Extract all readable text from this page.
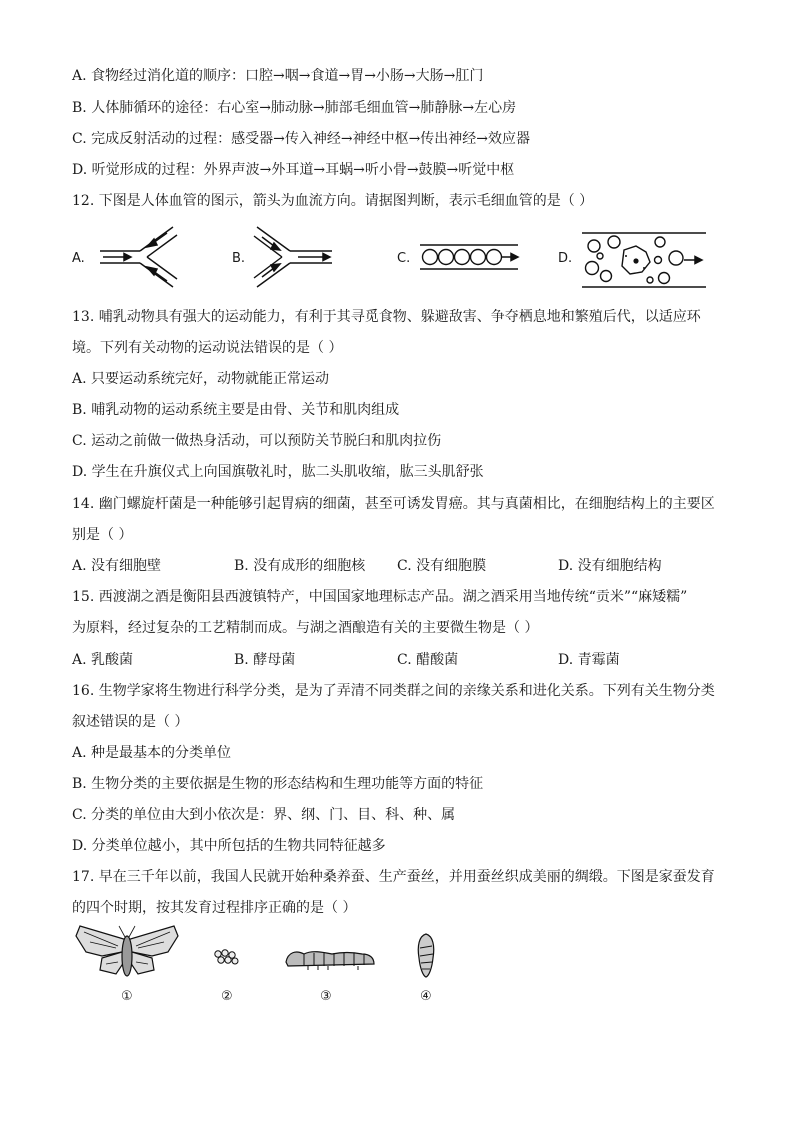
A. 食物经过消化道的顺序：口腔→咽→食道→胃→小肠→大肠→肛门
B. 人体肺循环的途径：右心室→肺动脉→肺部毛细血管→肺静脉→左心房
C. 完成反射活动的过程：感受器→传入神经→神经中枢→传出神经→效应器
D. 听觉形成的过程：外界声波→外耳道→耳蜗→听小骨→鼓膜→听觉中枢
12. 下图是人体血管的图示，箭头为血流方向。请据图判断，表示毛细血管的是（ ）
A.	B.	C.	D.
13. 哺乳动物具有强大的运动能力，有利于其寻觅食物、躲避敌害、争夺栖息地和繁殖后代，以适应环
境。下列有关动物的运动说法错误的是（ ）
A. 只要运动系统完好，动物就能正常运动
B. 哺乳动物的运动系统主要是由骨、关节和肌肉组成
C. 运动之前做一做热身活动，可以预防关节脱臼和肌肉拉伤
D. 学生在升旗仪式上向国旗敬礼时，肱二头肌收缩，肱三头肌舒张
14. 幽门螺旋杆菌是一种能够引起胃病的细菌，甚至可诱发胃癌。其与真菌相比，在细胞结构上的主要区
别是（ ）
A. 没有细胞壁	B. 没有成形的细胞核 C. 没有细胞膜	D. 没有细胞结构
15. 西渡湖之酒是衡阳县西渡镇特产，中国国家地理标志产品。湖之酒采用当地传统“贡米”“麻矮糯”
为原料，经过复杂的工艺精制而成。与湖之酒酿造有关的主要微生物是（ ）
A. 乳酸菌	B. 酵母菌	C. 醋酸菌	D. 青霉菌
16. 生物学家将生物进行科学分类，是为了弄清不同类群之间的亲缘关系和进化关系。下列有关生物分类
叙述错误的是（ ）
A. 种是最基本的分类单位
B. 生物分类的主要依据是生物的形态结构和生理功能等方面的特征
C. 分类的单位由大到小依次是：界、纲、门、目、科、种、属
D. 分类单位越小，其中所包括的生物共同特征越多
17. 早在三千年以前，我国人民就开始种桑养蚕、生产蚕丝，并用蚕丝织成美丽的绸缎。下图是家蚕发育
的四个时期，按其发育过程排序正确的是（ ）
①	②	③	④
